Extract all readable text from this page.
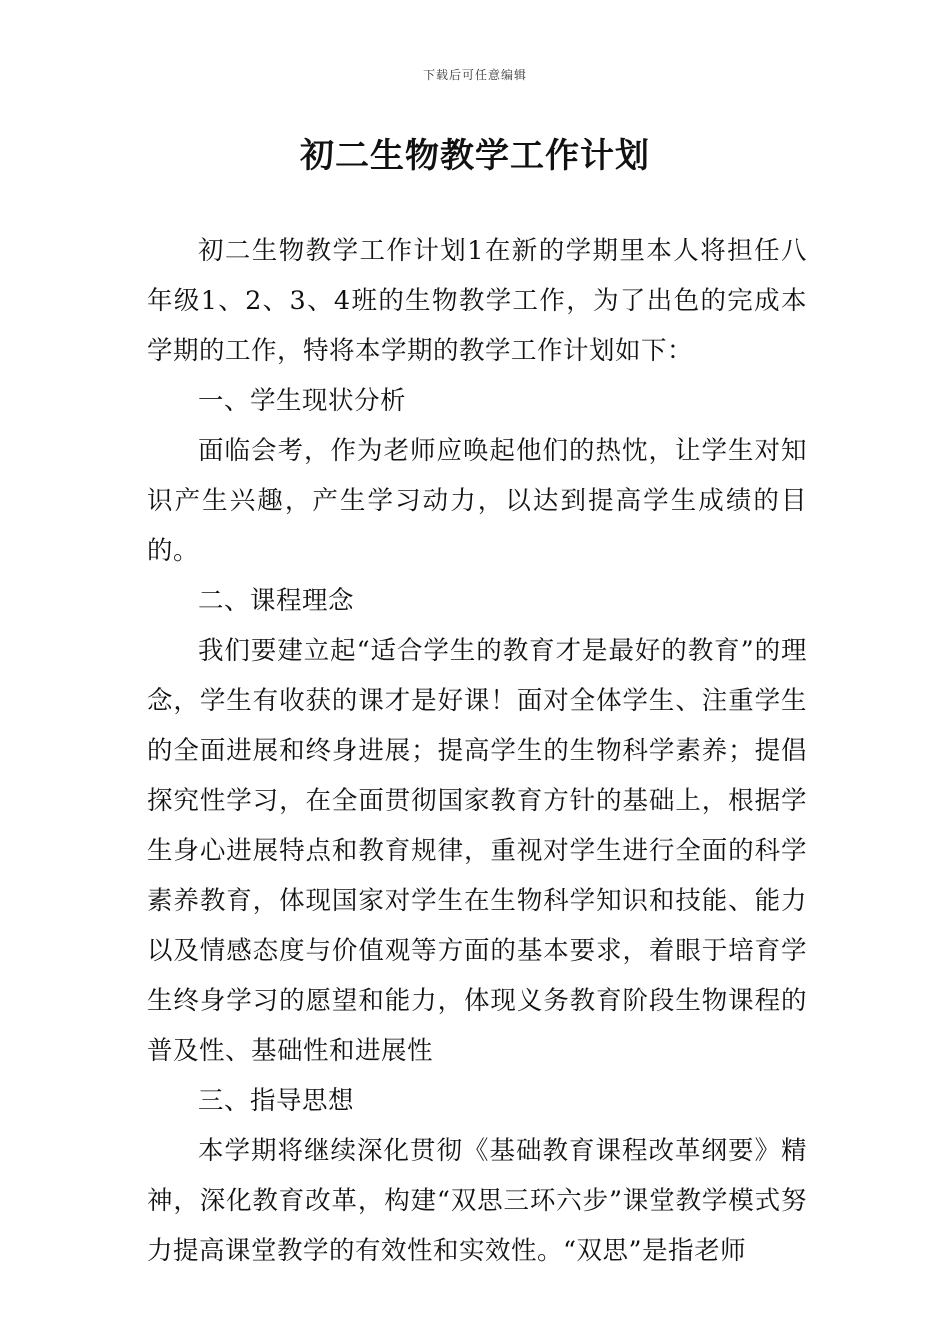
下载后可任意编辑
初二生物教学工作计划

初二生物教学工作计划1在新的学期里本人将担任八年级1、2、3、4班的生物教学工作，为了出色的完成本学期的工作，特将本学期的教学工作计划如下：

一、学生现状分析

面临会考，作为老师应唤起他们的热忱，让学生对知识产生兴趣，产生学习动力，以达到提高学生成绩的目的。

二、课程理念

我们要建立起“适合学生的教育才是最好的教育”的理念，学生有收获的课才是好课！面对全体学生、注重学生的全面进展和终身进展；提高学生的生物科学素养；提倡探究性学习，在全面贯彻国家教育方针的基础上，根据学生身心进展特点和教育规律，重视对学生进行全面的科学素养教育，体现国家对学生在生物科学知识和技能、能力以及情感态度与价值观等方面的基本要求，着眼于培育学生终身学习的愿望和能力，体现义务教育阶段生物课程的普及性、基础性和进展性

三、指导思想

本学期将继续深化贯彻《基础教育课程改革纲要》精神，深化教育改革，构建“双思三环六步”课堂教学模式努力提高课堂教学的有效性和实效性。“双思”是指老师
